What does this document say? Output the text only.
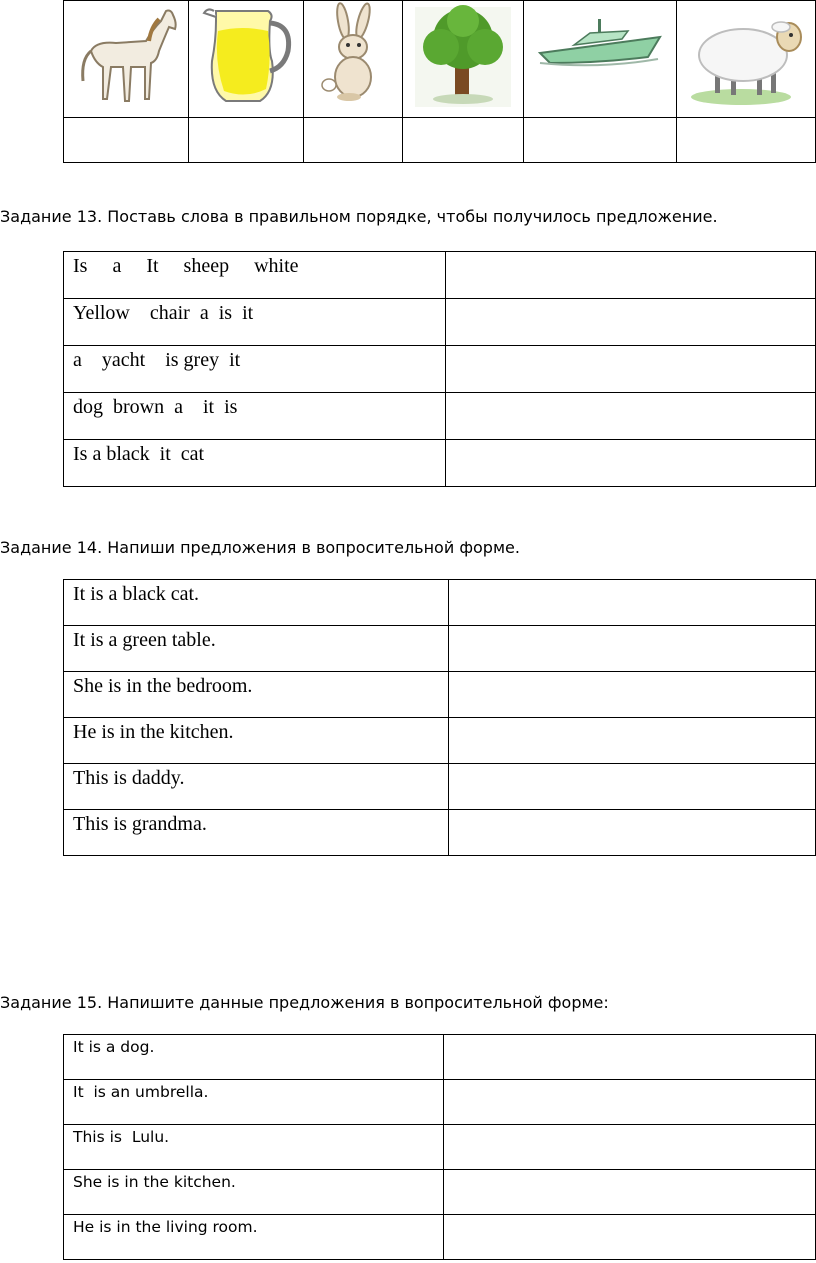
Задание 13. Поставь слова в правильном порядке, чтобы получилось предложение.
Is     a     It     sheep     white	

Yellow    chair  a  is  it	

a    yacht    is grey  it	

dog  brown  a    it  is	

Is a black  it  cat	

Задание 14. Напиши предложения в вопросительной форме.
It is a black cat.	

It is a green table.	

She is in the bedroom.	

He is in the kitchen.	

This is daddy.	

This is grandma.	

Задание 15. Напишите данные предложения в вопросительной форме:
It is a dog.	

It  is an umbrella.	

This is  Lulu.	

She is in the kitchen.	

He is in the living room.	
